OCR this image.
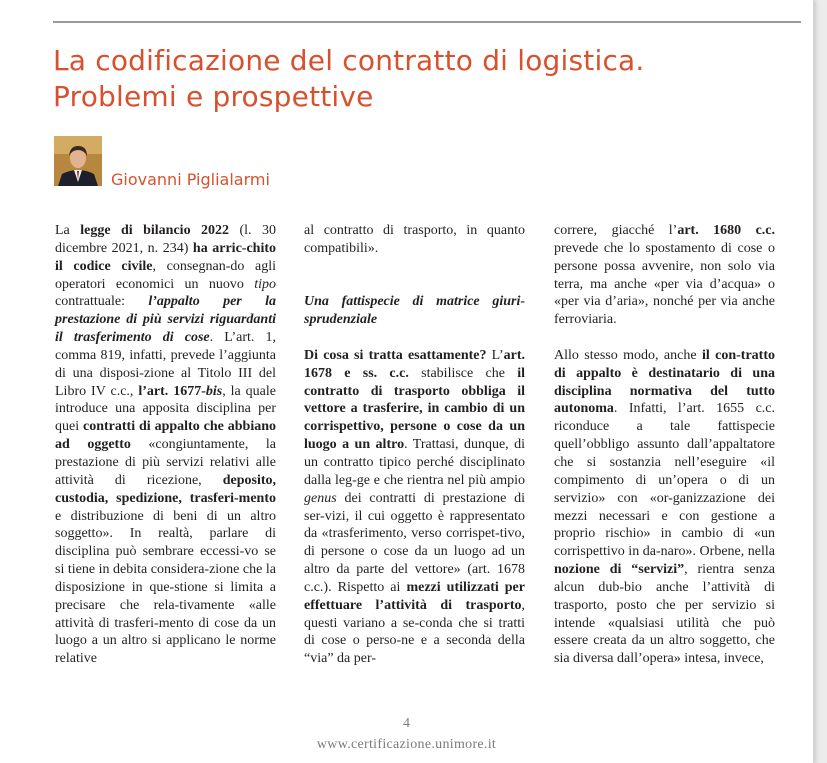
La codificazione del contratto di logistica.
Problemi e prospettive
Giovanni Piglialarmi

La legge di bilancio 2022 (l. 30 dicembre 2021, n. 234) ha arric-chito il codice civile, consegnan-do agli operatori economici un nuovo tipo contrattuale: l’appalto per la prestazione di più servizi riguardanti il trasferimento di cose. L’art. 1, comma 819, infatti, prevede l’aggiunta di una disposi-zione al Titolo III del Libro IV c.c., l’art. 1677-bis, la quale introduce una apposita disciplina per quei contratti di appalto che abbiano ad oggetto «congiuntamente, la prestazione di più servizi relativi alle attività di ricezione, deposito, custodia, spedizione, trasferi-mento e distribuzione di beni di un altro soggetto». In realtà, parlare di disciplina può sembrare eccessi-vo se si tiene in debita considera-zione che la disposizione in que-stione si limita a precisare che rela-tivamente «alle attività di trasferi-mento di cose da un luogo a un altro si applicano le norme relative

al contratto di trasporto, in quanto compatibili».

Una fattispecie di matrice giuri-sprudenziale

Di cosa si tratta esattamente? L’art. 1678 e ss. c.c. stabilisce che il contratto di trasporto obbliga il vettore a trasferire, in cambio di un corrispettivo, persone o cose da un luogo a un altro. Trattasi, dunque, di un contratto tipico perché disciplinato dalla leg-ge e che rientra nel più ampio genus dei contratti di prestazione di ser-vizi, il cui oggetto è rappresentato da «trasferimento, verso corrispet-tivo, di persone o cose da un luogo ad un altro da parte del vettore» (art. 1678 c.c.). Rispetto ai mezzi utilizzati per effettuare l’attività di trasporto, questi variano a se-conda che si tratti di cose o perso-ne e a seconda della “via” da per-

correre, giacché l’art. 1680 c.c. prevede che lo spostamento di cose o persone possa avvenire, non solo via terra, ma anche «per via d’acqua» o «per via d’aria», nonché per via anche ferroviaria.

Allo stesso modo, anche il con-tratto di appalto è destinatario di una disciplina normativa del tutto autonoma. Infatti, l’art. 1655 c.c. riconduce a tale fattispecie quell’obbligo assunto dall’appaltatore che si sostanzia nell’eseguire «il compimento di un’opera o di un servizio» con «or-ganizzazione dei mezzi necessari e con gestione a proprio rischio» in cambio di «un corrispettivo in da-naro». Orbene, nella nozione di “servizi”, rientra senza alcun dub-bio anche l’attività di trasporto, posto che per servizio si intende «qualsiasi utilità che può essere creata da un altro soggetto, che sia diversa dall’opera» intesa, invece,

4
www.certificazione.unimore.it
